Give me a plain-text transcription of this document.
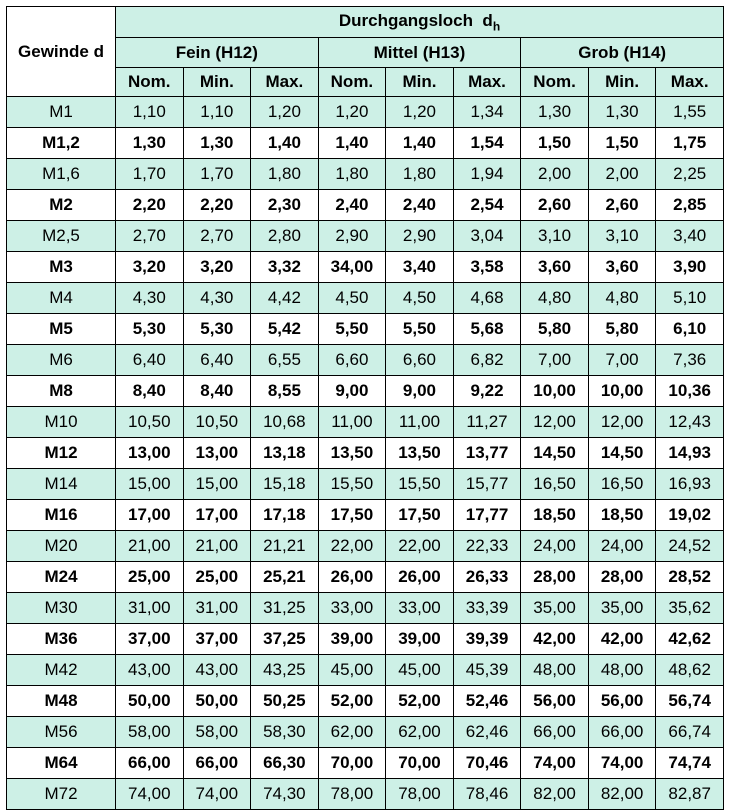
Gewinde d	Durchgangsloch  $d_h$
	Fein (H12)			Mittel (H13)			Grob (H14)		
	Nom.	Min.	Max.	Nom.	Min.	Max.	Nom.	Min.	Max.
M1	1,10	1,10	1,20	1,20	1,20	1,34	1,30	1,30	1,55
M1,2	1,30	1,30	1,40	1,40	1,40	1,54	1,50	1,50	1,75
M1,6	1,70	1,70	1,80	1,80	1,80	1,94	2,00	2,00	2,25
M2	2,20	2,20	2,30	2,40	2,40	2,54	2,60	2,60	2,85
M2,5	2,70	2,70	2,80	2,90	2,90	3,04	3,10	3,10	3,40
M3	3,20	3,20	3,32	34,00	3,40	3,58	3,60	3,60	3,90
M4	4,30	4,30	4,42	4,50	4,50	4,68	4,80	4,80	5,10
M5	5,30	5,30	5,42	5,50	5,50	5,68	5,80	5,80	6,10
M6	6,40	6,40	6,55	6,60	6,60	6,82	7,00	7,00	7,36
M8	8,40	8,40	8,55	9,00	9,00	9,22	10,00	10,00	10,36
M10	10,50	10,50	10,68	11,00	11,00	11,27	12,00	12,00	12,43
M12	13,00	13,00	13,18	13,50	13,50	13,77	14,50	14,50	14,93
M14	15,00	15,00	15,18	15,50	15,50	15,77	16,50	16,50	16,93
M16	17,00	17,00	17,18	17,50	17,50	17,77	18,50	18,50	19,02
M20	21,00	21,00	21,21	22,00	22,00	22,33	24,00	24,00	24,52
M24	25,00	25,00	25,21	26,00	26,00	26,33	28,00	28,00	28,52
M30	31,00	31,00	31,25	33,00	33,00	33,39	35,00	35,00	35,62
M36	37,00	37,00	37,25	39,00	39,00	39,39	42,00	42,00	42,62
M42	43,00	43,00	43,25	45,00	45,00	45,39	48,00	48,00	48,62
M48	50,00	50,00	50,25	52,00	52,00	52,46	56,00	56,00	56,74
M56	58,00	58,00	58,30	62,00	62,00	62,46	66,00	66,00	66,74
M64	66,00	66,00	66,30	70,00	70,00	70,46	74,00	74,00	74,74
M72	74,00	74,00	74,30	78,00	78,00	78,46	82,00	82,00	82,87
